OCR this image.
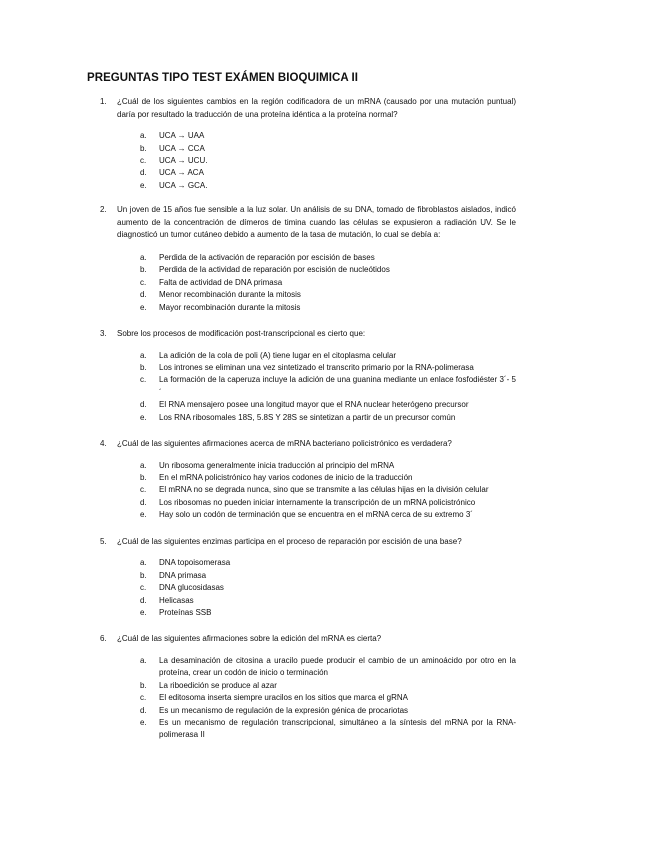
PREGUNTAS TIPO TEST EXÁMEN BIOQUIMICA II
1. ¿Cuál de los siguientes cambios en la región codificadora de un mRNA (causado por una mutación puntual) daría por resultado la traducción de una proteína idéntica a la proteína normal?
a. UCA → UAA
b. UCA → CCA
c. UCA → UCU.
d. UCA → ACA
e. UCA → GCA.
2. Un joven de 15 años fue sensible a la luz solar. Un análisis de su DNA, tomado de fibroblastos aislados, indicó aumento de la concentración de dímeros de timina cuando las células se expusieron a radiación UV. Se le diagnosticó un tumor cutáneo debido a aumento de la tasa de mutación, lo cual se debía a:
a. Perdida de la activación de reparación por escisión de bases
b. Perdida de la actividad de reparación por escisión de nucleótidos
c. Falta de actividad de DNA primasa
d. Menor recombinación durante la mitosis
e. Mayor recombinación durante la mitosis
3. Sobre los procesos de modificación post-transcripcional es cierto que:
a. La adición de la cola de poli (A) tiene lugar en el citoplasma celular
b. Los intrones se eliminan una vez sintetizado el transcrito primario por la RNA-polimerasa
c. La formación de la caperuza incluye la adición de una guanina mediante un enlace fosfodiéster 3´- 5´
d. El RNA mensajero posee una longitud mayor que el RNA nuclear heterógeno precursor
e. Los RNA ribosomales 18S, 5.8S Y 28S se sintetizan a partir de un precursor común
4. ¿Cuál de las siguientes afirmaciones acerca de mRNA bacteriano policistrónico es verdadera?
a. Un ribosoma generalmente inicia traducción al principio del mRNA
b. En el mRNA policistrónico hay varios codones de inicio de la traducción
c. El mRNA no se degrada nunca, sino que se transmite a las células hijas en la división celular
d. Los ribosomas no pueden iniciar internamente la transcripción de un mRNA policistrónico
e. Hay solo un codón de terminación que se encuentra en el mRNA cerca de su extremo 3´
5. ¿Cuál de las siguientes enzimas participa en el proceso de reparación por escisión de una base?
a. DNA topoisomerasa
b. DNA primasa
c. DNA glucosidasas
d. Helicasas
e. Proteínas SSB
6. ¿Cuál de las siguientes afirmaciones sobre la edición del mRNA es cierta?
a. La desaminación de citosina a uracilo puede producir el cambio de un aminoácido por otro en la proteína, crear un codón de inicio o terminación
b. La riboedición se produce al azar
c. El editosoma inserta siempre uracilos en los sitios que marca el gRNA
d. Es un mecanismo de regulación de la expresión génica de procariotas
e. Es un mecanismo de regulación transcripcional, simultáneo a la síntesis del mRNA por la RNA-polimerasa II
